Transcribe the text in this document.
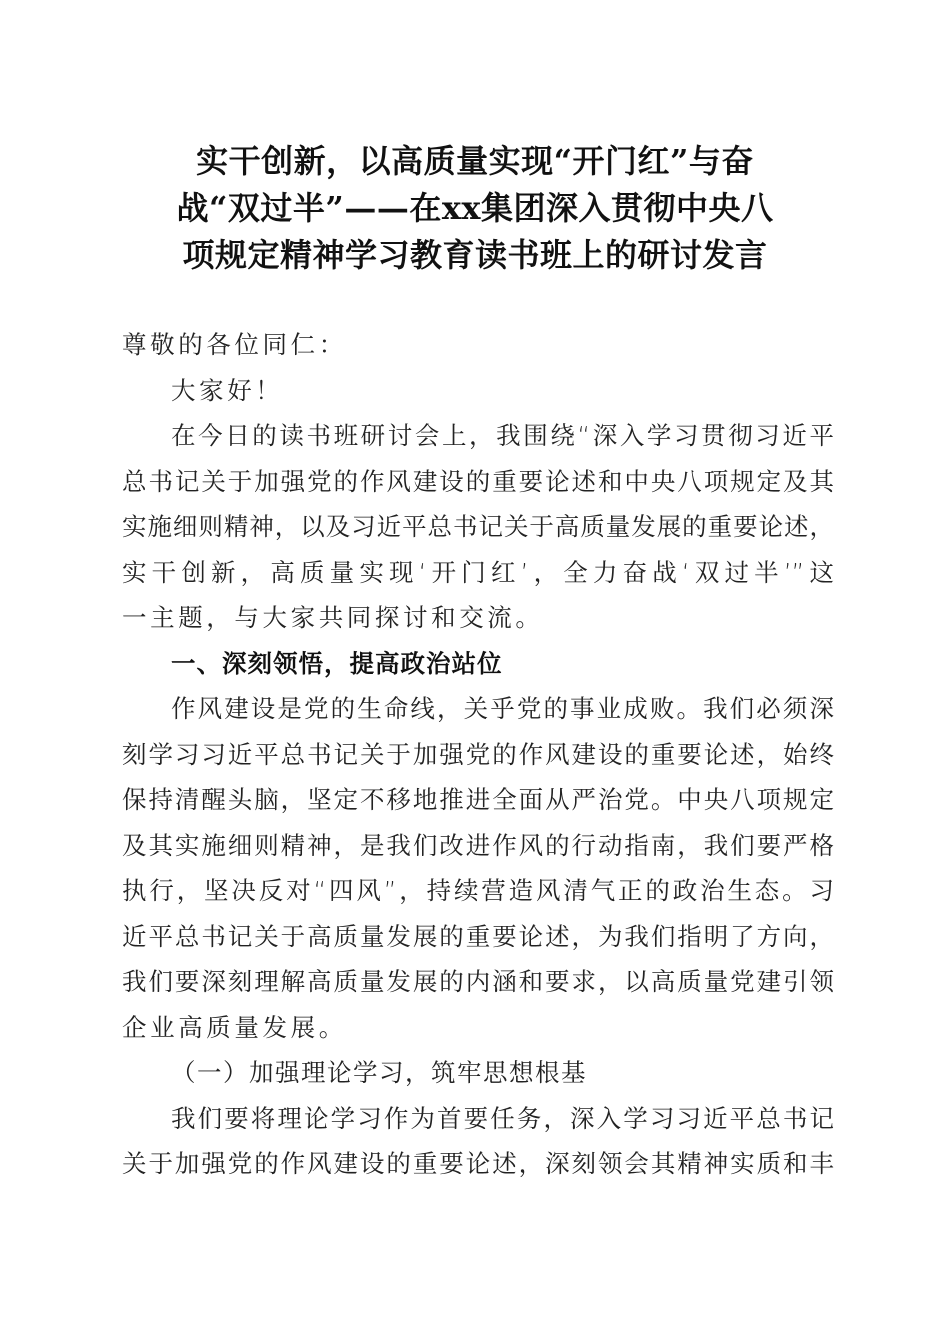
实干创新，以高质量实现“开门红”与奋
战“双过半”——在xx集团深入贯彻中央八
项规定精神学习教育读书班上的研讨发言
尊敬的各位同仁：
大家好！
在今日的读书班研讨会上，我围绕“深入学习贯彻习近平
总书记关于加强党的作风建设的重要论述和中央八项规定及其
实施细则精神，以及习近平总书记关于高质量发展的重要论述，
实干创新，高质量实现‘开门红’，全力奋战‘双过半’”这
一主题，与大家共同探讨和交流。
一、深刻领悟，提高政治站位
作风建设是党的生命线，关乎党的事业成败。我们必须深
刻学习习近平总书记关于加强党的作风建设的重要论述，始终
保持清醒头脑，坚定不移地推进全面从严治党。中央八项规定
及其实施细则精神，是我们改进作风的行动指南，我们要严格
执行，坚决反对“四风”，持续营造风清气正的政治生态。习
近平总书记关于高质量发展的重要论述，为我们指明了方向，
我们要深刻理解高质量发展的内涵和要求，以高质量党建引领
企业高质量发展。
（一）加强理论学习，筑牢思想根基
我们要将理论学习作为首要任务，深入学习习近平总书记
关于加强党的作风建设的重要论述，深刻领会其精神实质和丰
